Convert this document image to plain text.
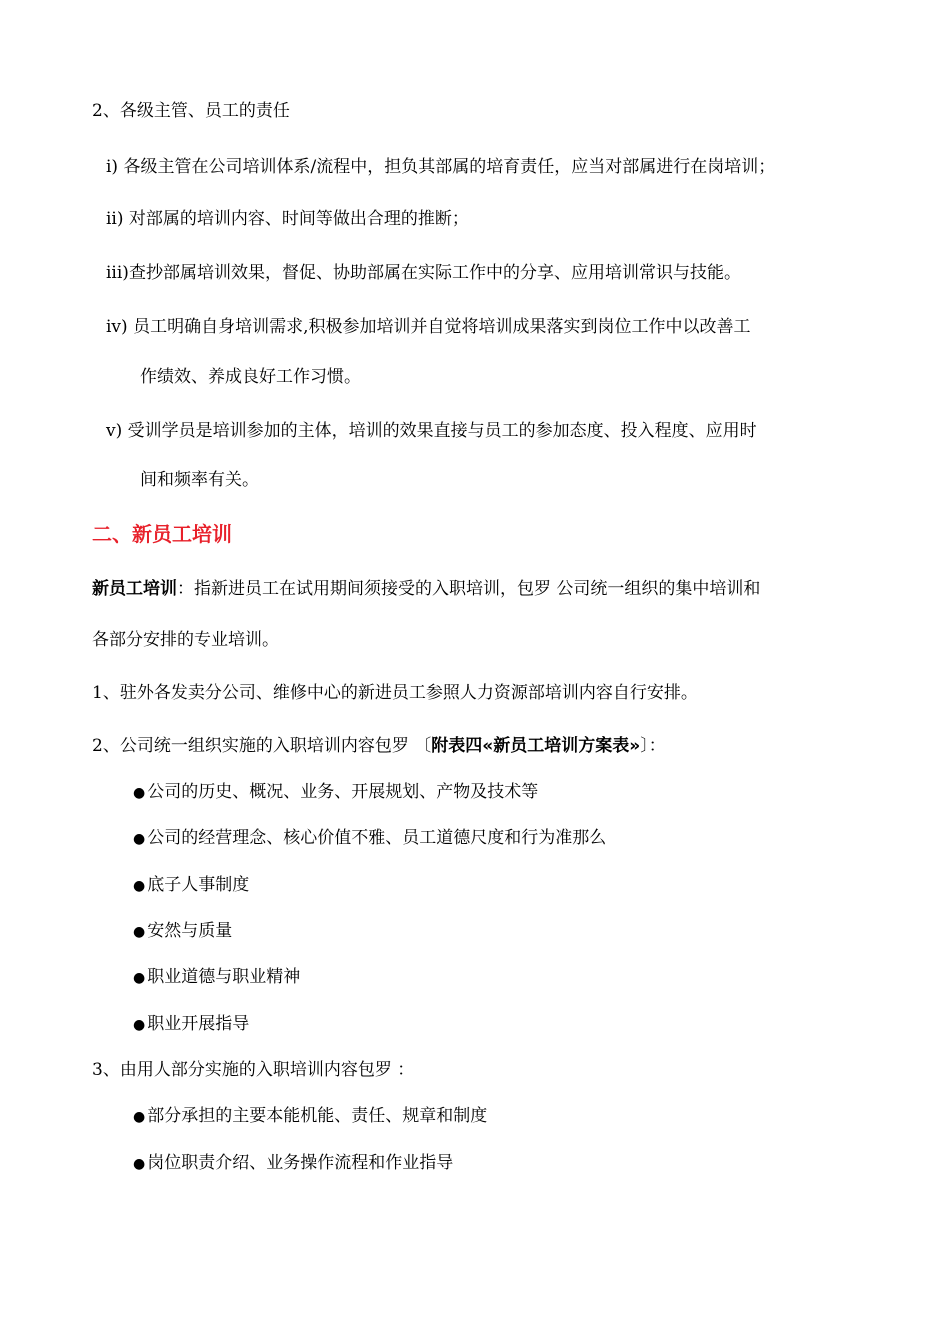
2、各级主管、员工的责任
i) 各级主管在公司培训体系/流程中，担负其部属的培育责任，应当对部属进行在岗培训；
ii) 对部属的培训内容、时间等做出合理的推断；
iii)查抄部属培训效果，督促、协助部属在实际工作中的分享、应用培训常识与技能。
iv) 员工明确自身培训需求,积极参加培训并自觉将培训成果落实到岗位工作中以改善工
作绩效、养成良好工作习惯。
v) 受训学员是培训参加的主体，培训的效果直接与员工的参加态度、投入程度、应用时
间和频率有关。
二、新员工培训
新员工培训：指新进员工在试用期间须接受的入职培训，包罗 公司统一组织的集中培训和
各部分安排的专业培训。
1、驻外各发卖分公司、维修中心的新进员工参照人力资源部培训内容自行安排。
2、公司统一组织实施的入职培训内容包罗 〔附表四«新员工培训方案表»〕：
● 公司的历史、概况、业务、开展规划、产物及技术等
● 公司的经营理念、核心价值不雅、员工道德尺度和行为准那么
● 底子人事制度
● 安然与质量
● 职业道德与职业精神
● 职业开展指导
3、由用人部分实施的入职培训内容包罗 ：
● 部分承担的主要本能机能、责任、规章和制度
● 岗位职责介绍、业务操作流程和作业指导
